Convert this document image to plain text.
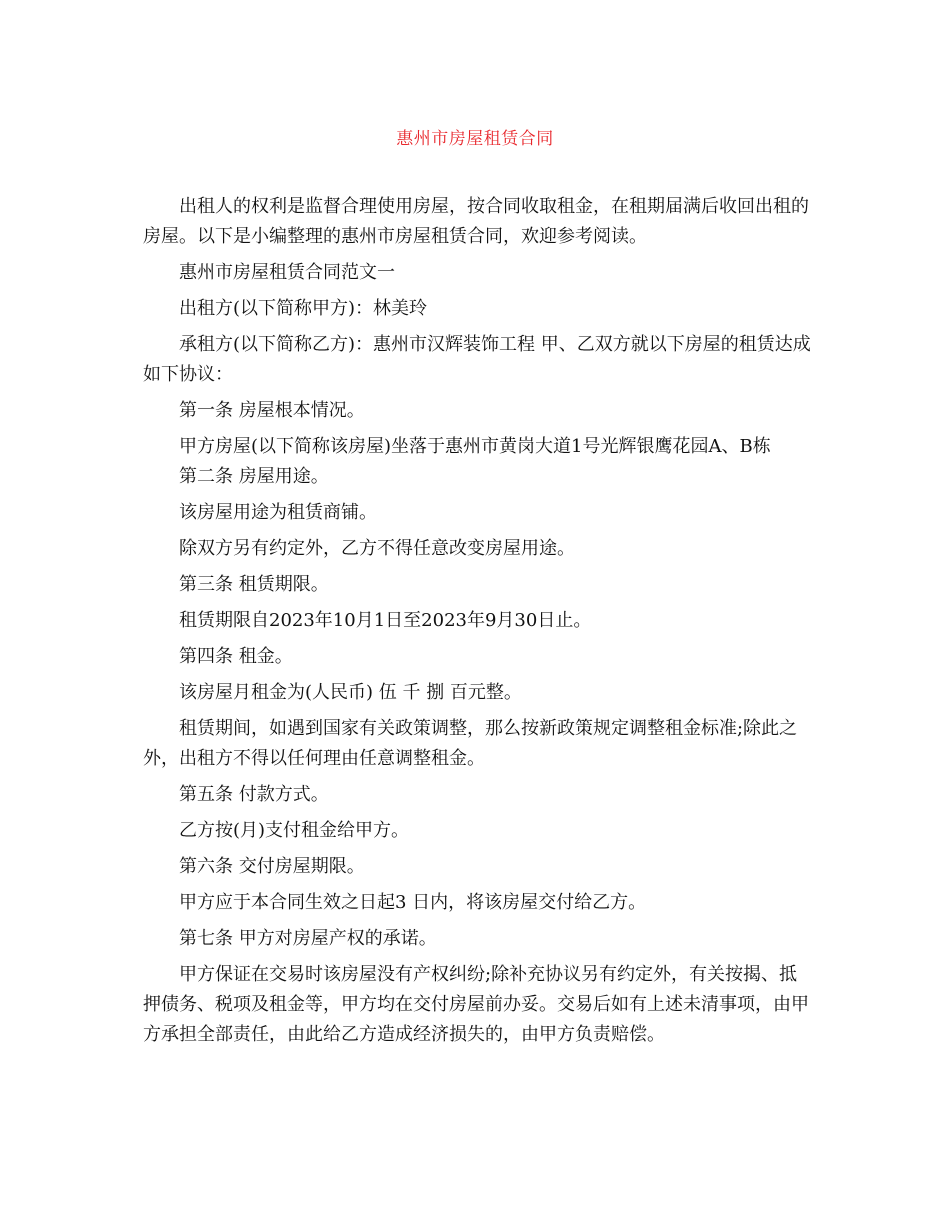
惠州市房屋租赁合同

出租人的权利是监督合理使用房屋，按合同收取租金，在租期届满后收回出租的房屋。以下是小编整理的惠州市房屋租赁合同，欢迎参考阅读。

惠州市房屋租赁合同范文一

出租方(以下简称甲方)：林美玲

承租方(以下简称乙方)：惠州市汉辉装饰工程 甲、乙双方就以下房屋的租赁达成如下协议：

第一条 房屋根本情况。

甲方房屋(以下简称该房屋)坐落于惠州市黄岗大道1号光辉银鹰花园A、B栋

第二条 房屋用途。

该房屋用途为租赁商铺。

除双方另有约定外，乙方不得任意改变房屋用途。

第三条 租赁期限。

租赁期限自2023年10月1日至2023年9月30日止。

第四条 租金。

该房屋月租金为(人民币) 伍 千 捌 百元整。

租赁期间，如遇到国家有关政策调整，那么按新政策规定调整租金标准;除此之外，出租方不得以任何理由任意调整租金。

第五条 付款方式。

乙方按(月)支付租金给甲方。

第六条 交付房屋期限。

甲方应于本合同生效之日起3 日内，将该房屋交付给乙方。

第七条 甲方对房屋产权的承诺。

甲方保证在交易时该房屋没有产权纠纷;除补充协议另有约定外，有关按揭、抵押债务、税项及租金等，甲方均在交付房屋前办妥。交易后如有上述未清事项，由甲方承担全部责任，由此给乙方造成经济损失的，由甲方负责赔偿。
